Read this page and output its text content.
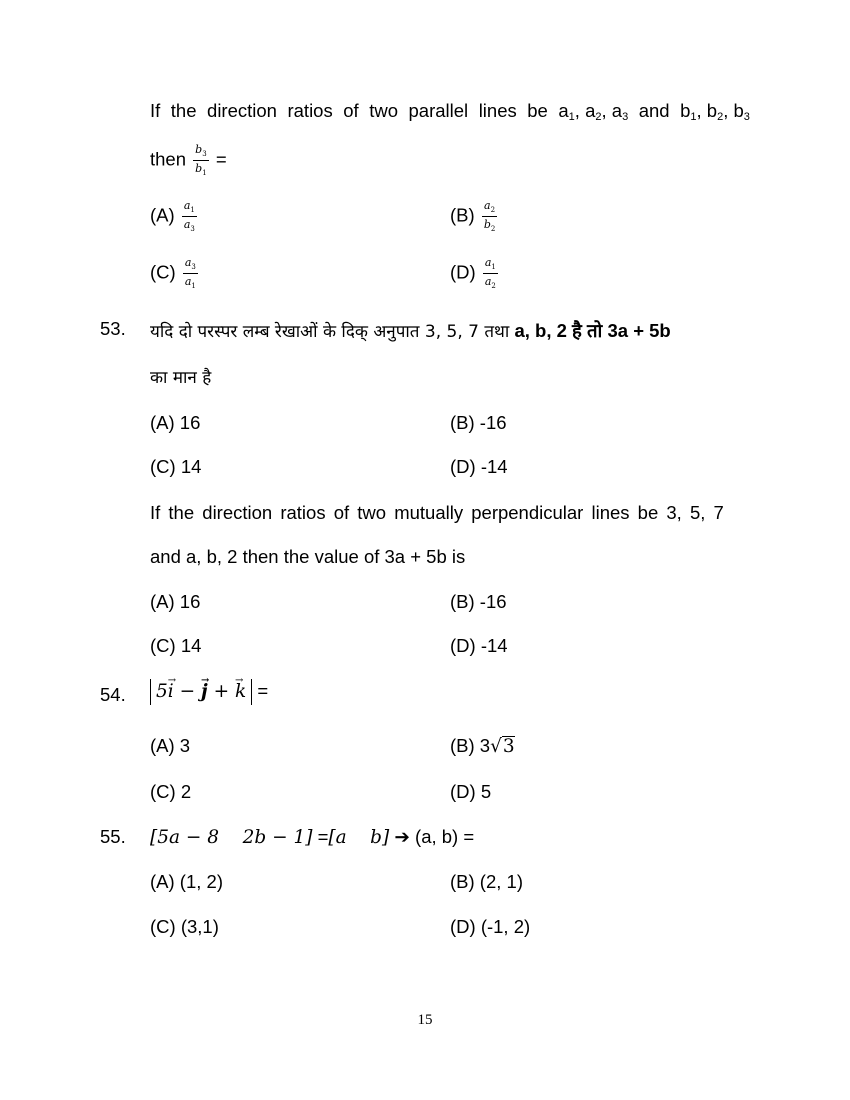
If the direction ratios of two parallel lines be $a_1$, $a_2$, $a_3$ and $b_1$, $b_2$, $b_3$
then $\frac{b_3}{b_1}$ =
$(A) \frac{a_1}{a_3}$	$(B) \frac{a_2}{b_2}$
$(C) \frac{a_3}{a_1}$	$(D) \frac{a_1}{a_2}$
53. यदि दो परस्पर लम्ब रेखाओं के दिक् अनुपात 3, 5, 7 तथा a, b, 2 है तो 3a + 5b
का मान है
(A) 16	(B) -16
(C) 14	(D) -14
If the direction ratios of two mutually perpendicular lines be 3, 5, 7
and a, b, 2 then the value of 3a + 5b is
(A) 16	(B) -16
(C) 14	(D) -14
54.	5→ i − → j + → k =
(A) 3	(B) 3√3
(C) 2	(D) 5
55. [5a − 8    2b − 1] =[a    b] ➔ (a, b) =
(A) (1, 2)	(B) (2, 1)
(C) (3,1)	(D) (-1, 2)
15
